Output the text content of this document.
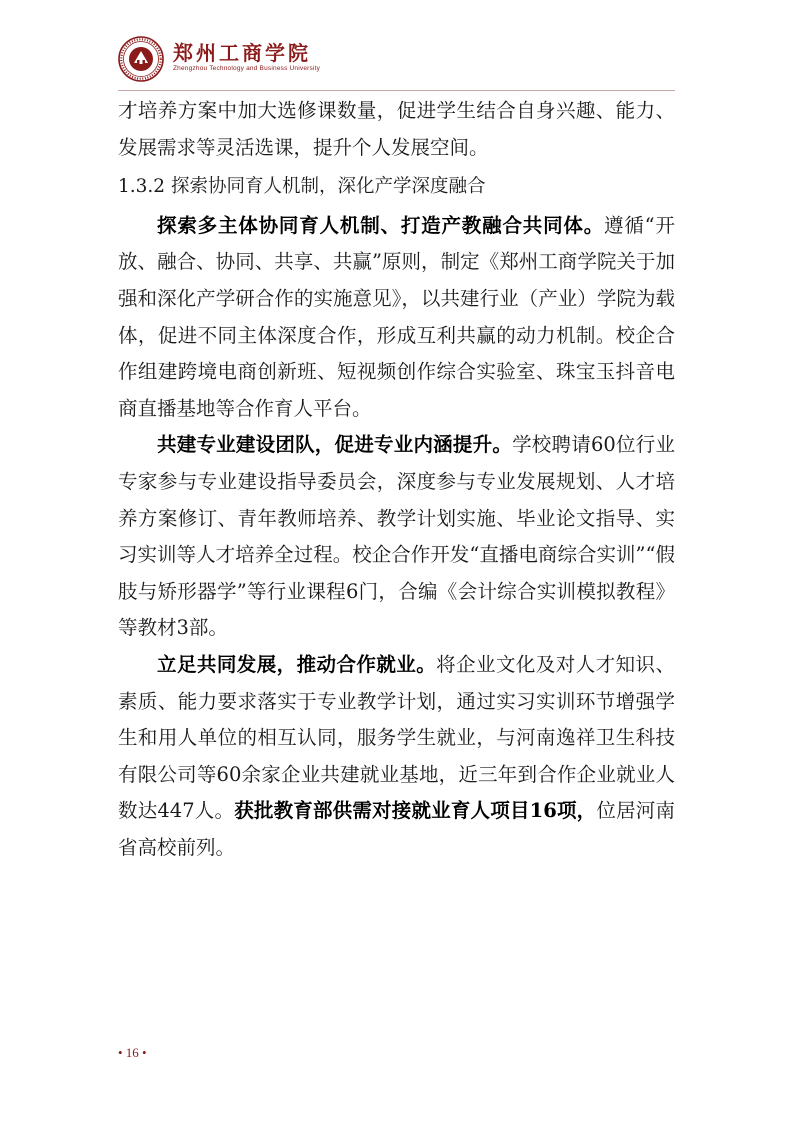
郑州工商学院
Zhengzhou Technology and Business University

才培养方案中加大选修课数量，促进学生结合自身兴趣、能力、发展需求等灵活选课，提升个人发展空间。

1.3.2 探索协同育人机制，深化产学深度融合

探索多主体协同育人机制、打造产教融合共同体。遵循“开放、融合、协同、共享、共赢”原则，制定《郑州工商学院关于加强和深化产学研合作的实施意见》，以共建行业（产业）学院为载体，促进不同主体深度合作，形成互利共赢的动力机制。校企合作组建跨境电商创新班、短视频创作综合实验室、珠宝玉抖音电商直播基地等合作育人平台。

共建专业建设团队，促进专业内涵提升。学校聘请60位行业专家参与专业建设指导委员会，深度参与专业发展规划、人才培养方案修订、青年教师培养、教学计划实施、毕业论文指导、实习实训等人才培养全过程。校企合作开发“直播电商综合实训”“假肢与矫形器学”等行业课程6门，合编《会计综合实训模拟教程》等教材3部。

立足共同发展，推动合作就业。将企业文化及对人才知识、素质、能力要求落实于专业教学计划，通过实习实训环节增强学生和用人单位的相互认同，服务学生就业，与河南逸祥卫生科技有限公司等60余家企业共建就业基地，近三年到合作企业就业人数达447人。获批教育部供需对接就业育人项目16项，位居河南省高校前列。

• 16 •
